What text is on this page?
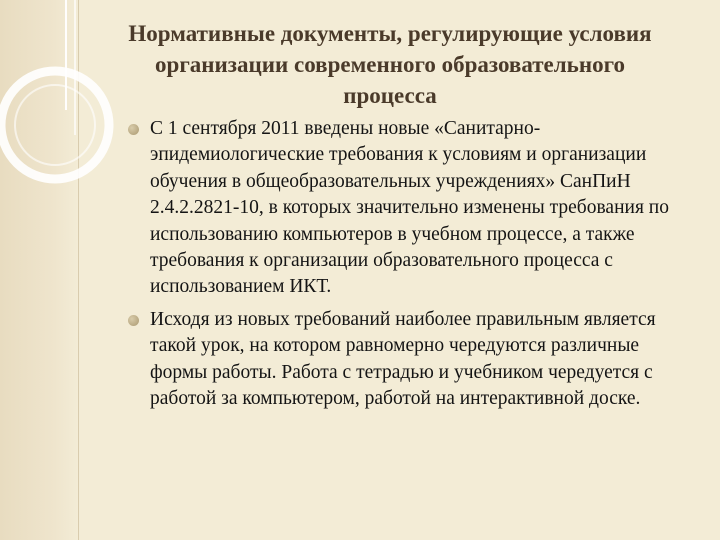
Нормативные документы, регулирующие условия организации современного образовательного процесса
С 1 сентября 2011 введены новые «Санитарно-эпидемиологические требования к условиям и организации обучения в общеобразовательных учреждениях» СанПиН 2.4.2.2821-10, в которых значительно изменены требования по использованию компьютеров в учебном процессе, а также требования к организации образовательного процесса с использованием ИКТ.
Исходя из новых требований наиболее правильным является такой урок, на котором равномерно чередуются различные формы работы. Работа с тетрадью и учебником чередуется с работой за компьютером, работой на интерактивной доске.
